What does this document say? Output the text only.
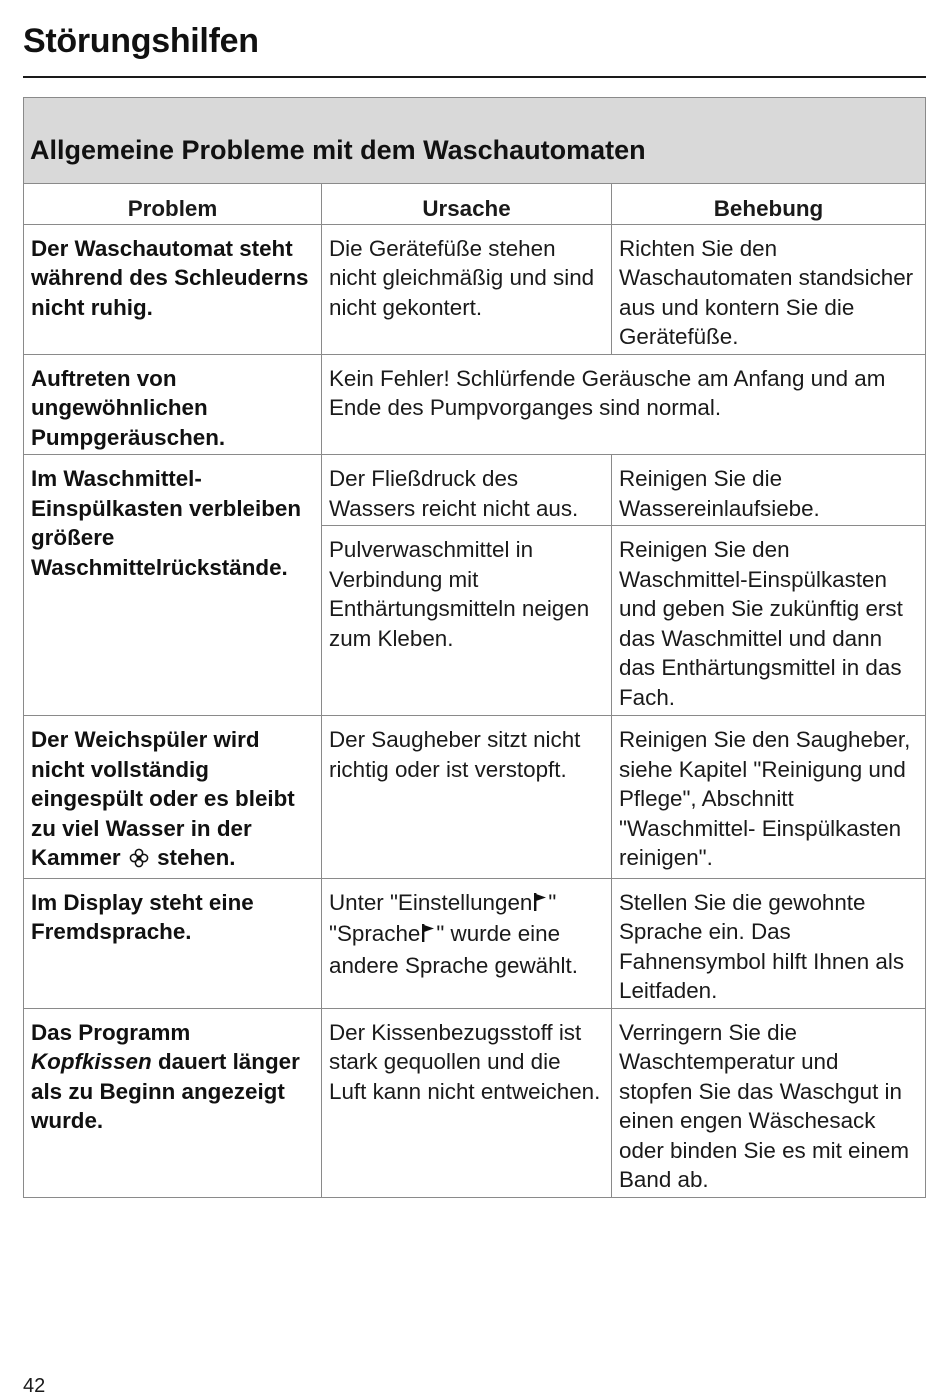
Störungshilfen
Allgemeine Probleme mit dem Waschautomaten		
Problem	Ursache	Behebung
Der Waschautomat steht während des Schleuderns nicht ruhig.	Die Gerätefüße stehen nicht gleichmäßig und sind nicht gekontert.	Richten Sie den Waschautomaten standsicher aus und kontern Sie die Gerätefüße.
Auftreten von ungewöhnlichen Pumpgeräuschen.	Kein Fehler! Schlürfende Geräusche am Anfang und am Ende des Pumpvorganges sind normal.	
Im Waschmittel-Einspülkasten verbleiben größere Waschmittelrückstände.	Der Fließdruck des Wassers reicht nicht aus.	Reinigen Sie die Wassereinlaufsiebe.
	Pulverwaschmittel in Verbindung mit Enthärtungsmitteln neigen zum Kleben.	Reinigen Sie den Waschmittel-Einspülkasten und geben Sie zukünftig erst das Waschmittel und dann das Enthärtungsmittel in das Fach.
Der Weichspüler wird nicht vollständig eingespült oder es bleibt zu viel Wasser in der Kammer stehen.	Der Saugheber sitzt nicht richtig oder ist verstopft.	Reinigen Sie den Saugheber, siehe Kapitel "Reinigung und Pflege", Abschnitt "Waschmittel- Einspülkasten reinigen".
Im Display steht eine Fremdsprache.	Unter "Einstellungen " "Sprache " wurde eine andere Sprache gewählt.	Stellen Sie die gewohnte Sprache ein. Das Fahnensymbol hilft Ihnen als Leitfaden.
Das Programm Kopfkissen dauert länger als zu Beginn angezeigt wurde.	Der Kissenbezugsstoff ist stark gequollen und die Luft kann nicht entweichen.	Verringern Sie die Waschtemperatur und stopfen Sie das Waschgut in einen engen Wäschesack oder binden Sie es mit einem Band ab.
42
